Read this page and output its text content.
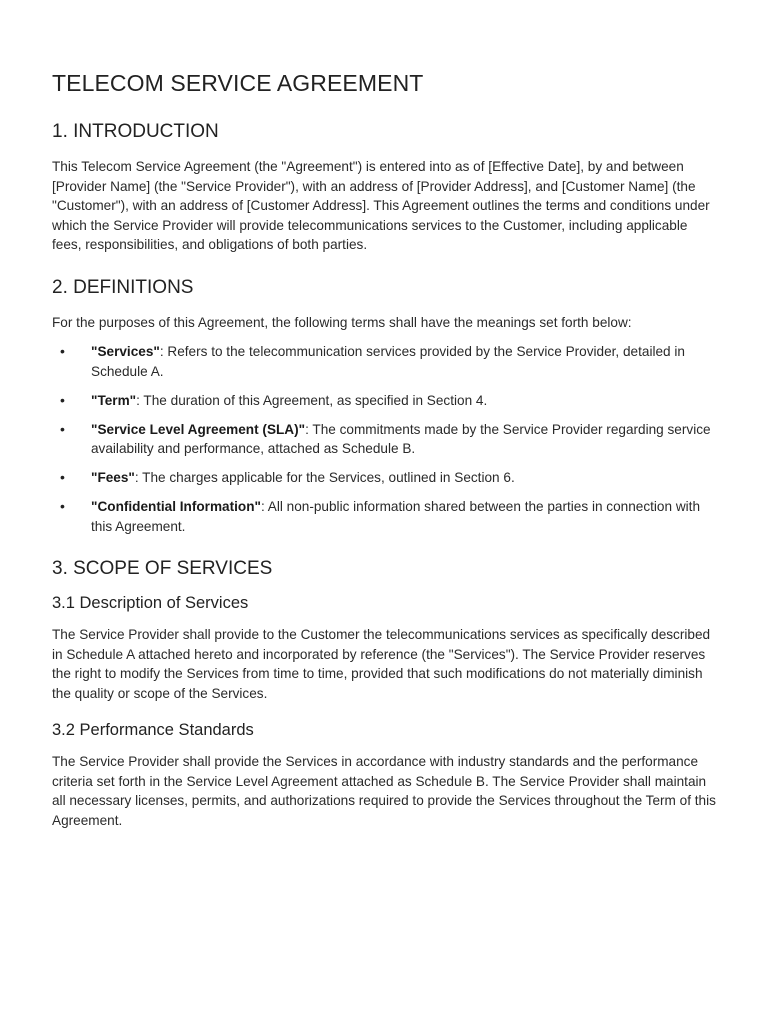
TELECOM SERVICE AGREEMENT
1. INTRODUCTION

This Telecom Service Agreement (the "Agreement") is entered into as of [Effective Date], by and between [Provider Name] (the "Service Provider"), with an address of [Provider Address], and [Customer Name] (the "Customer"), with an address of [Customer Address]. This Agreement outlines the terms and conditions under which the Service Provider will provide telecommunications services to the Customer, including applicable fees, responsibilities, and obligations of both parties.

2. DEFINITIONS

For the purposes of this Agreement, the following terms shall have the meanings set forth below:

• "Services": Refers to the telecommunication services provided by the Service Provider, detailed in Schedule A.
• "Term": The duration of this Agreement, as specified in Section 4.
• "Service Level Agreement (SLA)": The commitments made by the Service Provider regarding service availability and performance, attached as Schedule B.
• "Fees": The charges applicable for the Services, outlined in Section 6.
• "Confidential Information": All non-public information shared between the parties in connection with this Agreement.
3. SCOPE OF SERVICES
3.1 Description of Services

The Service Provider shall provide to the Customer the telecommunications services as specifically described in Schedule A attached hereto and incorporated by reference (the "Services"). The Service Provider reserves the right to modify the Services from time to time, provided that such modifications do not materially diminish the quality or scope of the Services.

3.2 Performance Standards

The Service Provider shall provide the Services in accordance with industry standards and the performance criteria set forth in the Service Level Agreement attached as Schedule B. The Service Provider shall maintain all necessary licenses, permits, and authorizations required to provide the Services throughout the Term of this Agreement.
